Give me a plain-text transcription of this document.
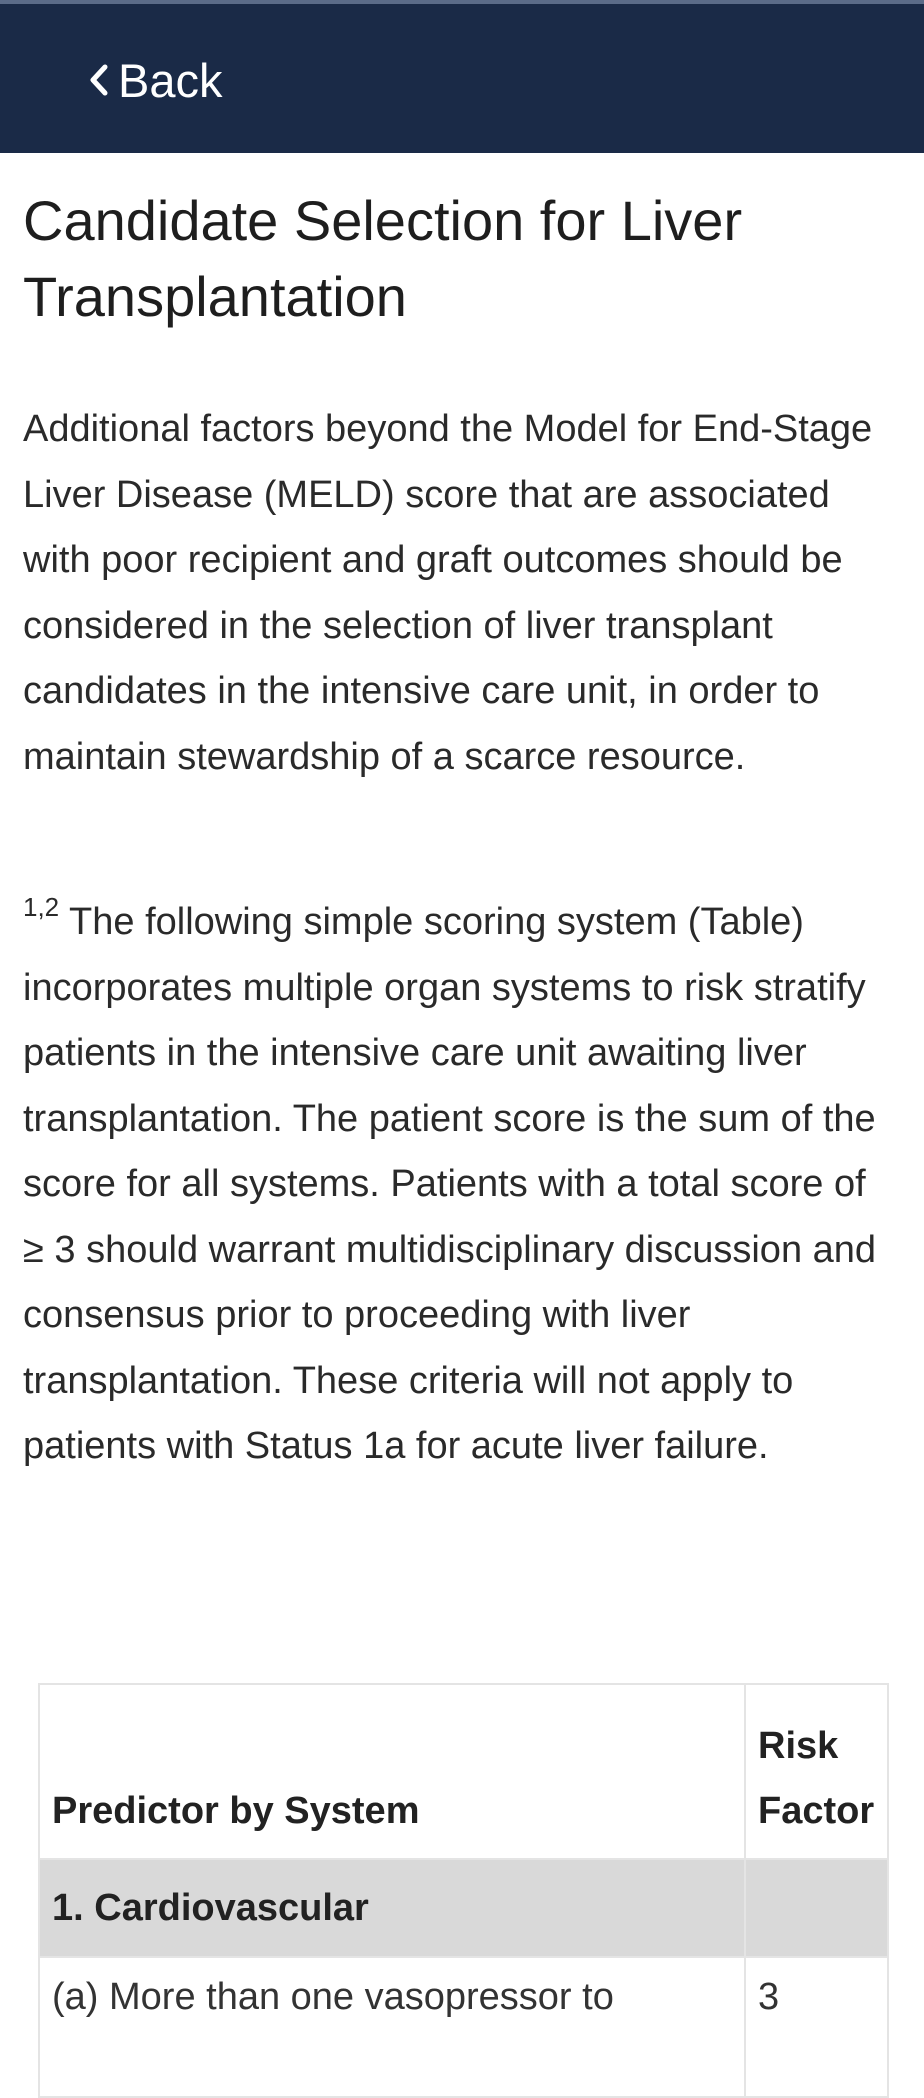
Back
Candidate Selection for Liver Transplantation

Additional factors beyond the Model for End-Stage Liver Disease (MELD) score that are associated with poor recipient and graft outcomes should be considered in the selection of liver transplant candidates in the intensive care unit, in order to maintain stewardship of a scarce resource.

$^{1,2}$ The following simple scoring system (Table) incorporates multiple organ systems to risk stratify patients in the intensive care unit awaiting liver transplantation. The patient score is the sum of the score for all systems. Patients with a total score of ≥ 3 should warrant multidisciplinary discussion and consensus prior to proceeding with liver transplantation. These criteria will not apply to patients with Status 1a for acute liver failure.

Predictor by System	Risk Factor
1. Cardiovascular	
(a) More than one vasopressor to	3
